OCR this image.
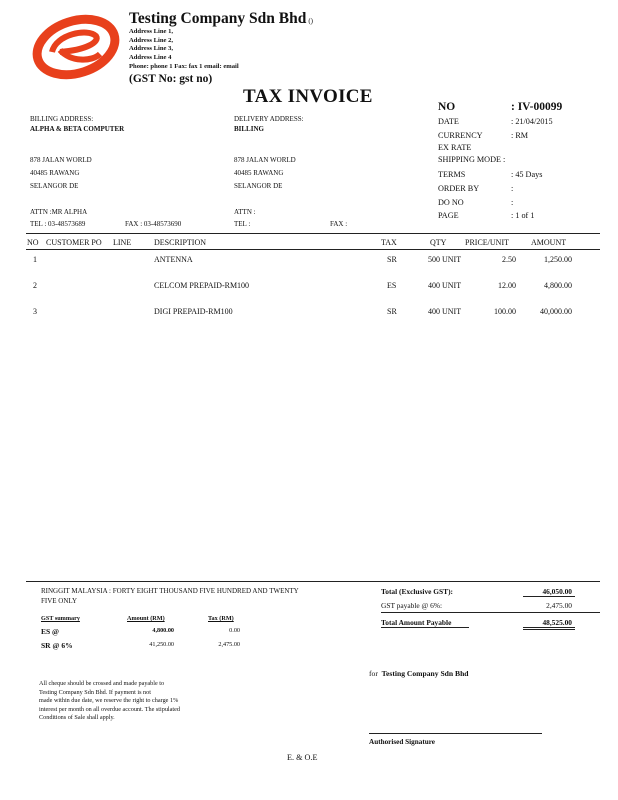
Testing Company Sdn Bhd ()
Address Line 1,
Address Line 2,
Address Line 3,
Address Line 4
Phone: phone 1 Fax: fax 1 email: email
(GST No: gst no)
TAX INVOICE
BILLING ADDRESS:
ALPHA & BETA COMPUTER
878 JALAN WORLD
40485 RAWANG
SELANGOR DE
ATTN :MR ALPHA
TEL : 03-48573689	FAX : 03-48573690
DELIVERY ADDRESS:
BILLING
878 JALAN WORLD
40485 RAWANG
SELANGOR DE
ATTN :
TEL :	FAX :
NO	: IV-00099
DATE	: 21/04/2015
CURRENCY	: RM
EX RATE
SHIPPING MODE :
TERMS	: 45 Days
ORDER BY	:
DO NO	:
PAGE	: 1 of 1
NO CUSTOMER PO LINE	DESCRIPTION	TAX	QTY PRICE/UNIT	AMOUNT
1	ANTENNA	SR	500 UNIT	2.50	1,250.00
2	CELCOM PREPAID-RM100	ES	400 UNIT	12.00	4,800.00
3	DIGI PREPAID-RM100	SR	400 UNIT	100.00	40,000.00
RINGGIT MALAYSIA : FORTY EIGHT THOUSAND FIVE HUNDRED AND TWENTY
FIVE ONLY
GST summary	Amount (RM)	Tax (RM)
ES @	4,800.00	0.00
SR @ 6%	41,250.00	2,475.00
Total (Exclusive GST):	46,050.00
GST payable @ 6%:	2,475.00
Total Amount Payable	48,525.00
for Testing Company Sdn Bhd
All cheque should be crossed and made payable to
Testing Company Sdn Bhd. If payment is not
made within due date, we reserve the right to charge 1%
interest per month on all overdue account. The stipulated
Conditions of Sale shall apply.
Authorised Signature
E. & O.E
